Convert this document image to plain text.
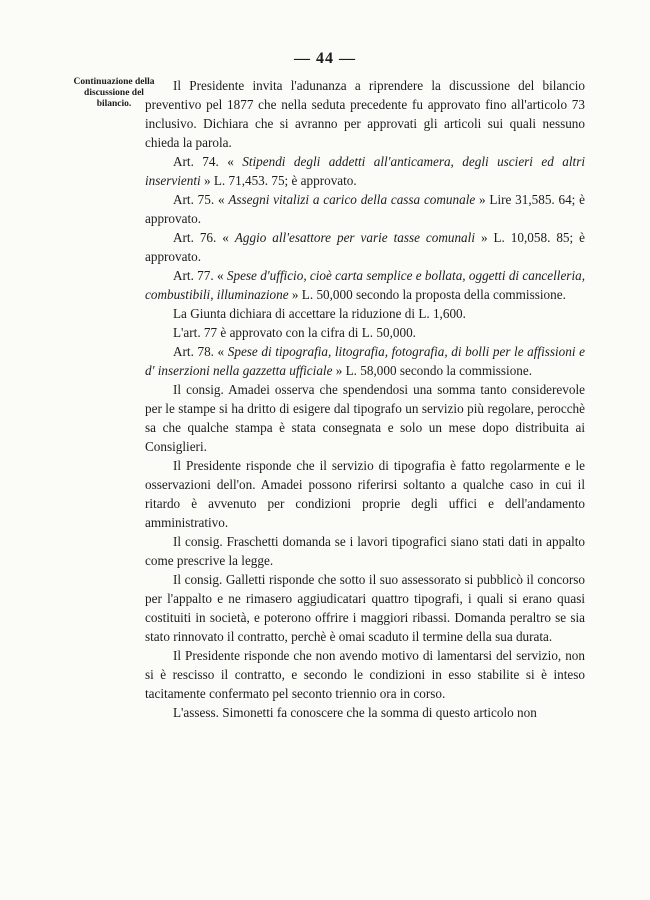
— 44 —
Continuazione della discussione del bilancio.

Il Presidente invita l'adunanza a riprendere la discussione del bilancio preventivo pel 1877 che nella seduta precedente fu approvato fino all'articolo 73 inclusivo. Dichiara che si avranno per approvati gli articoli sui quali nessuno chieda la parola.

Art. 74. « Stipendi degli addetti all'anticamera, degli uscieri ed altri inservienti » L. 71,453. 75; è approvato.

Art. 75. « Assegni vitalizi a carico della cassa comunale » Lire 31,585. 64; è approvato.

Art. 76. « Aggio all'esattore per varie tasse comunali » L. 10,058. 85; è approvato.

Art. 77. « Spese d'ufficio, cioè carta semplice e bollata, oggetti di cancelleria, combustibili, illuminazione » L. 50,000 secondo la proposta della commissione.

La Giunta dichiara di accettare la riduzione di L. 1,600.

L'art. 77 è approvato con la cifra di L. 50,000.

Art. 78. « Spese di tipografia, litografia, fotografia, di bolli per le affissioni e d' inserzioni nella gazzetta ufficiale » L. 58,000 secondo la commissione.

Il consig. Amadei osserva che spendendosi una somma tanto considerevole per le stampe si ha dritto di esigere dal tipografo un servizio più regolare, perocchè sa che qualche stampa è stata consegnata e solo un mese dopo distribuita ai Consiglieri.

Il Presidente risponde che il servizio di tipografia è fatto regolarmente e le osservazioni dell'on. Amadei possono riferirsi soltanto a qualche caso in cui il ritardo è avvenuto per condizioni proprie degli uffici e dell'andamento amministrativo.

Il consig. Fraschetti domanda se i lavori tipografici siano stati dati in appalto come prescrive la legge.

Il consig. Galletti risponde che sotto il suo assessorato si pubblicò il concorso per l'appalto e ne rimasero aggiudicatari quattro tipografi, i quali si erano quasi costituiti in società, e poterono offrire i maggiori ribassi. Domanda peraltro se sia stato rinnovato il contratto, perchè è omai scaduto il termine della sua durata.

Il Presidente risponde che non avendo motivo di lamentarsi del servizio, non si è rescisso il contratto, e secondo le condizioni in esso stabilite si è inteso tacitamente confermato pel seconto triennio ora in corso.

L'assess. Simonetti fa conoscere che la somma di questo articolo non
